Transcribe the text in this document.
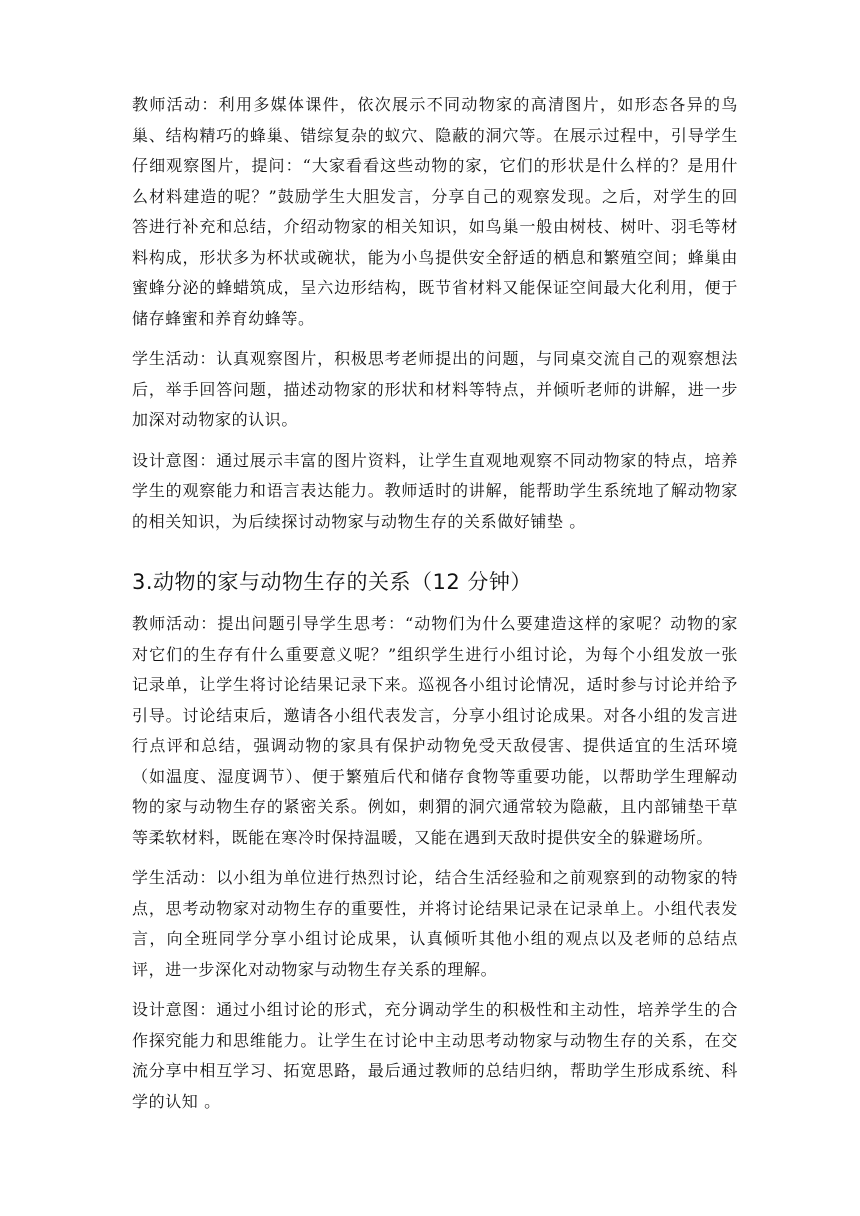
教师活动：利用多媒体课件，依次展示不同动物家的高清图片，如形态各异的鸟巢、结构精巧的蜂巢、错综复杂的蚁穴、隐蔽的洞穴等。在展示过程中，引导学生仔细观察图片，提问：“大家看看这些动物的家，它们的形状是什么样的？是用什么材料建造的呢？”鼓励学生大胆发言，分享自己的观察发现。之后，对学生的回答进行补充和总结，介绍动物家的相关知识，如鸟巢一般由树枝、树叶、羽毛等材料构成，形状多为杯状或碗状，能为小鸟提供安全舒适的栖息和繁殖空间；蜂巢由蜜蜂分泌的蜂蜡筑成，呈六边形结构，既节省材料又能保证空间最大化利用，便于储存蜂蜜和养育幼蜂等。

学生活动：认真观察图片，积极思考老师提出的问题，与同桌交流自己的观察想法后，举手回答问题，描述动物家的形状和材料等特点，并倾听老师的讲解，进一步加深对动物家的认识。

设计意图：通过展示丰富的图片资料，让学生直观地观察不同动物家的特点，培养学生的观察能力和语言表达能力。教师适时的讲解，能帮助学生系统地了解动物家的相关知识，为后续探讨动物家与动物生存的关系做好铺垫 。

3.动物的家与动物生存的关系（12 分钟）

教师活动：提出问题引导学生思考：“动物们为什么要建造这样的家呢？动物的家对它们的生存有什么重要意义呢？”组织学生进行小组讨论，为每个小组发放一张记录单，让学生将讨论结果记录下来。巡视各小组讨论情况，适时参与讨论并给予引导。讨论结束后，邀请各小组代表发言，分享小组讨论成果。对各小组的发言进行点评和总结，强调动物的家具有保护动物免受天敌侵害、提供适宜的生活环境（如温度、湿度调节）、便于繁殖后代和储存食物等重要功能，以帮助学生理解动物的家与动物生存的紧密关系。例如，刺猬的洞穴通常较为隐蔽，且内部铺垫干草等柔软材料，既能在寒冷时保持温暖，又能在遇到天敌时提供安全的躲避场所。

学生活动：以小组为单位进行热烈讨论，结合生活经验和之前观察到的动物家的特点，思考动物家对动物生存的重要性，并将讨论结果记录在记录单上。小组代表发言，向全班同学分享小组讨论成果，认真倾听其他小组的观点以及老师的总结点评，进一步深化对动物家与动物生存关系的理解。

设计意图：通过小组讨论的形式，充分调动学生的积极性和主动性，培养学生的合作探究能力和思维能力。让学生在讨论中主动思考动物家与动物生存的关系，在交流分享中相互学习、拓宽思路，最后通过教师的总结归纳，帮助学生形成系统、科学的认知 。
